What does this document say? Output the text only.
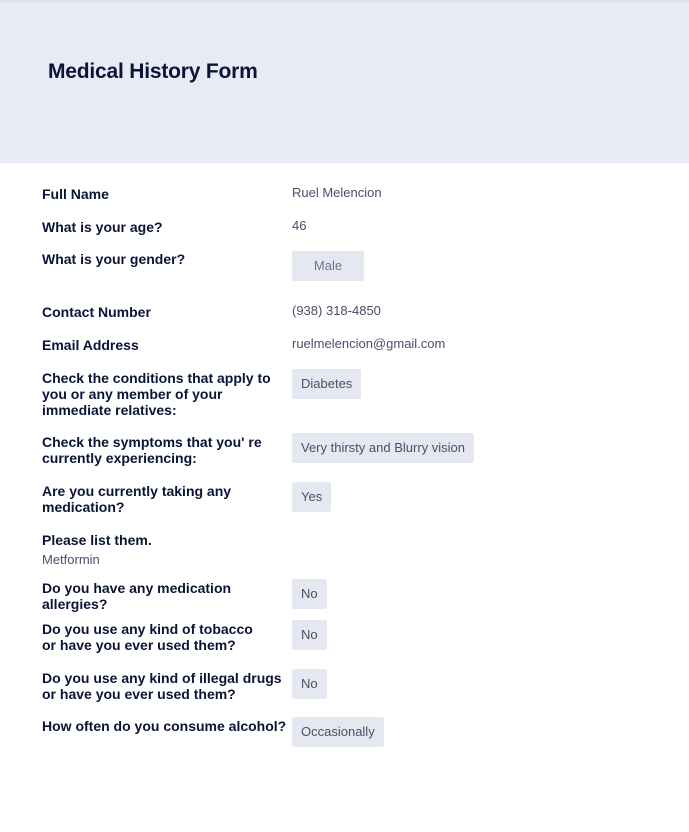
Medical History Form
Full Name	Ruel Melencion
What is your age?	46
What is your gender?	Male
Contact Number	(938) 318-4850
Email Address	ruelmelencion@gmail.com
Check the conditions that apply to you or any member of your immediate relatives:
Diabetes
Check the symptoms that you' re currently experiencing:
Very thirsty and Blurry vision
Are you currently taking any medication?
Yes
Please list them.
Metformin
Do you have any medication allergies?
No
Do you use any kind of tobacco or have you ever used them?
No
Do you use any kind of illegal drugs or have you ever used them?
No
How often do you consume alcohol?	Occasionally
